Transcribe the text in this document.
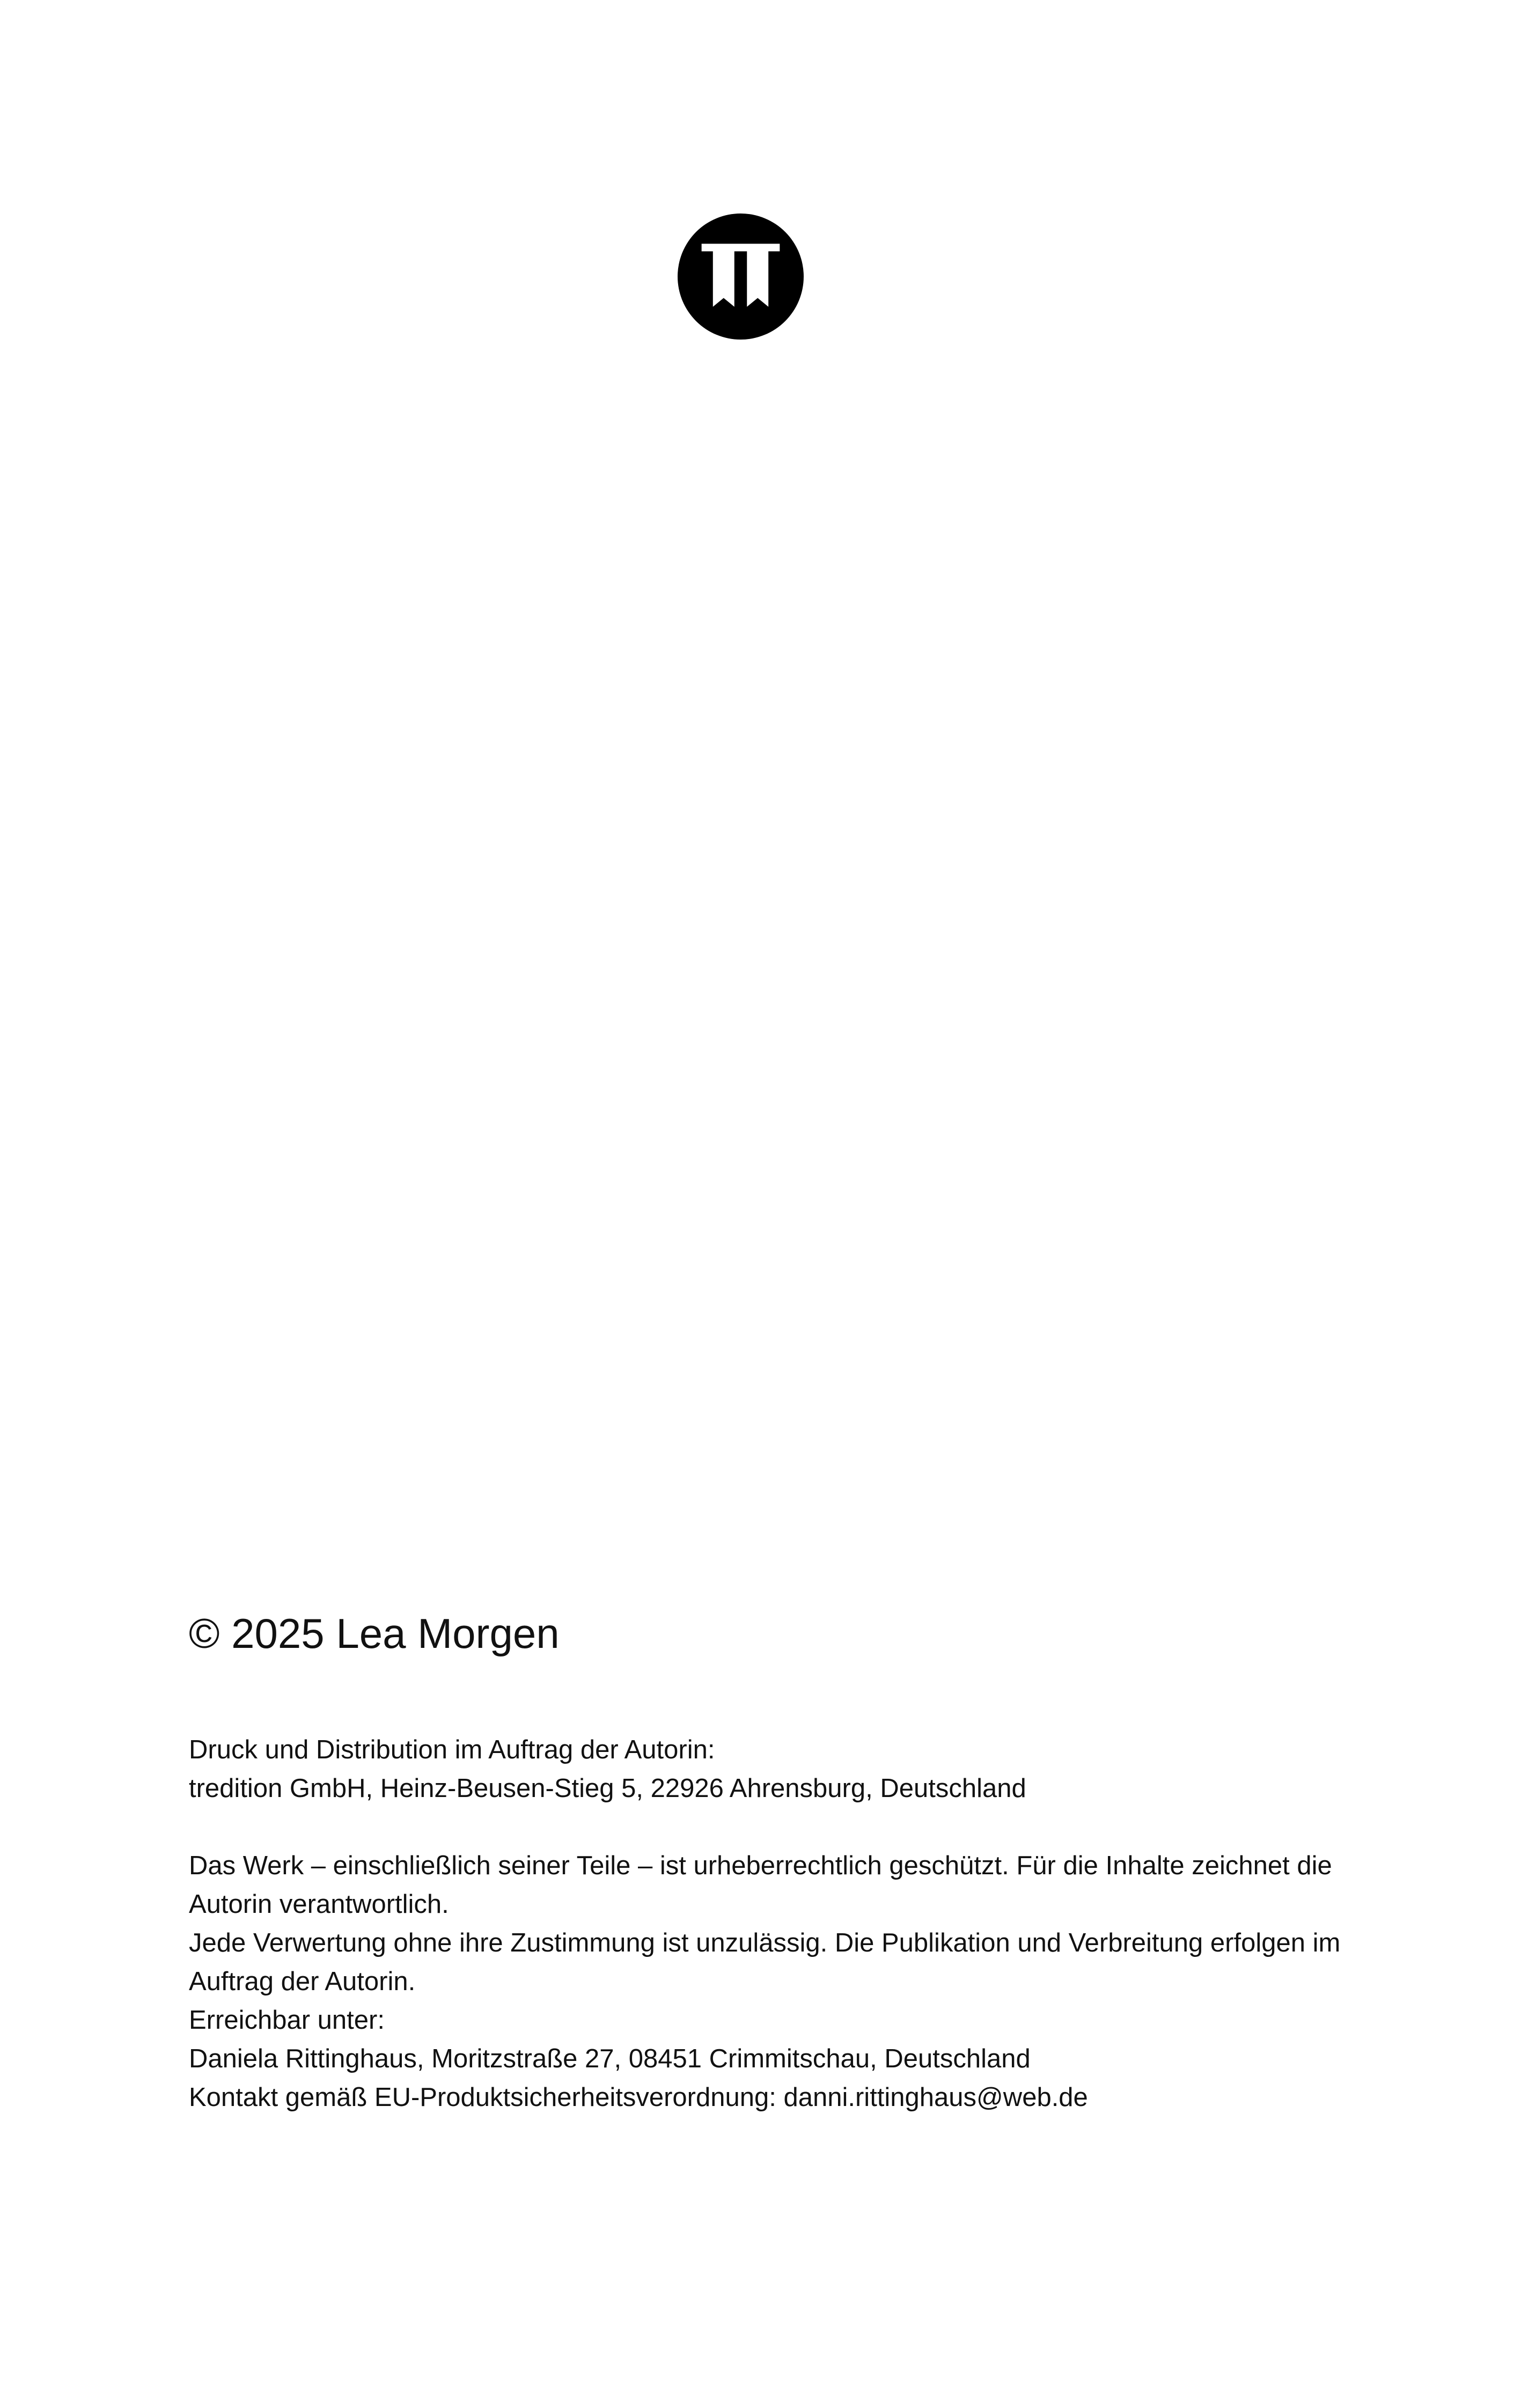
© 2025 Lea Morgen
Druck und Distribution im Auftrag der Autorin:
tredition GmbH, Heinz-Beusen-Stieg 5, 22926 Ahrensburg, Deutschland
Das Werk – einschließlich seiner Teile – ist urheberrechtlich geschützt. Für die Inhalte zeichnet die
Autorin verantwortlich.
Jede Verwertung ohne ihre Zustimmung ist unzulässig. Die Publikation und Verbreitung erfolgen im
Auftrag der Autorin.
Erreichbar unter:
Daniela Rittinghaus, Moritzstraße 27, 08451 Crimmitschau, Deutschland
Kontakt gemäß EU-Produktsicherheitsverordnung: danni.rittinghaus@web.de
